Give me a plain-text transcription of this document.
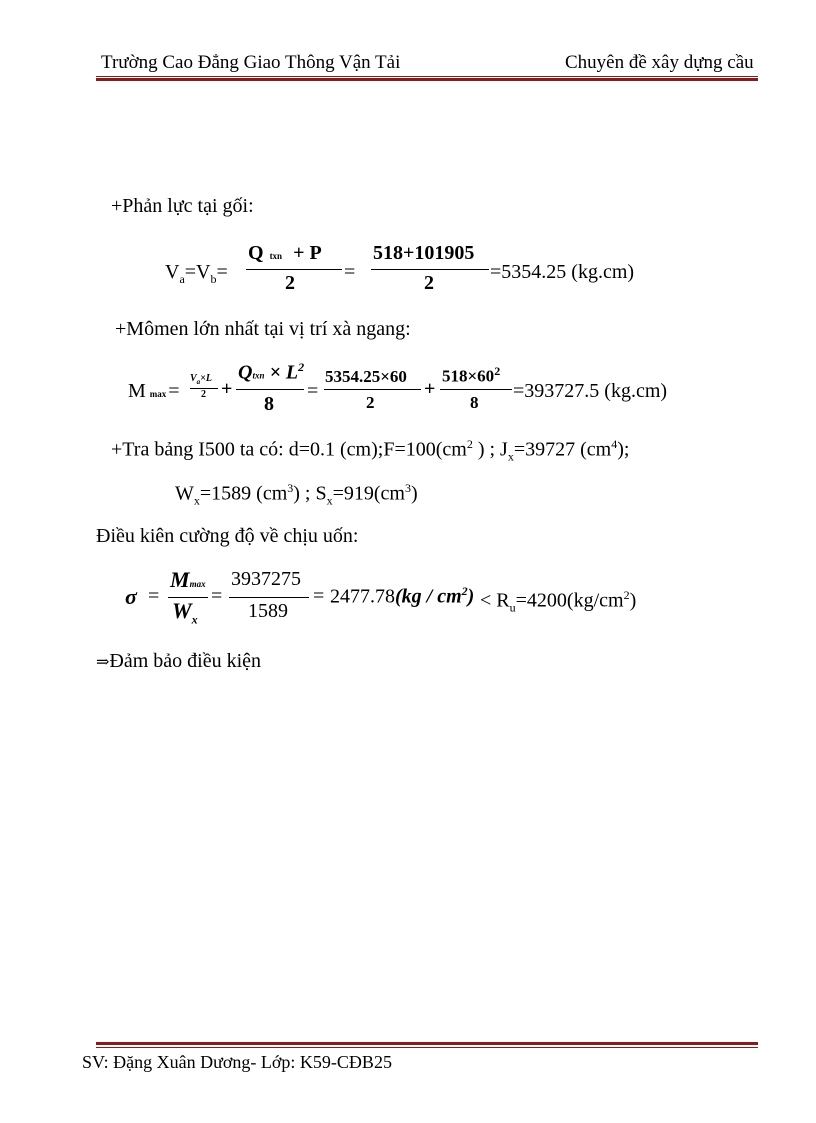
Trường Cao Đẳng Giao Thông Vận Tải	Chuyên đề xây dựng cầu
+Phản lực tại gối:
$V_a=V_b=$
Qtxn + P
2 =
518+101905
2	=5354.25 (kg.cm)
+Mômen lớn nhất tại vị trí xà ngang:
Mmax =
$V_a\times L$
2 +
Qtxn × $L^2$
8
=
5354.25×60
2
+
$518\times 60^2$
8
=393727.5 (kg.cm)
+Tra bảng I500 ta có: d=0.1 $(cm);F=100(cm^2$ ) ; $J_x=39727$ $(cm^4)$;
$W_x=1589$ $(cm^3)$ ; $S_x=919(cm^3)$
Điều kiên cường độ về chịu uốn:
σ =
Mmax
$W_x$
=
3937275
1589
= $2477.78(kg / cm^2) < R_u=4200(kg/cm^2)$
⇒Đảm bảo điều kiện
SV: Đặng Xuân Dương- Lớp: K59-CĐB25
